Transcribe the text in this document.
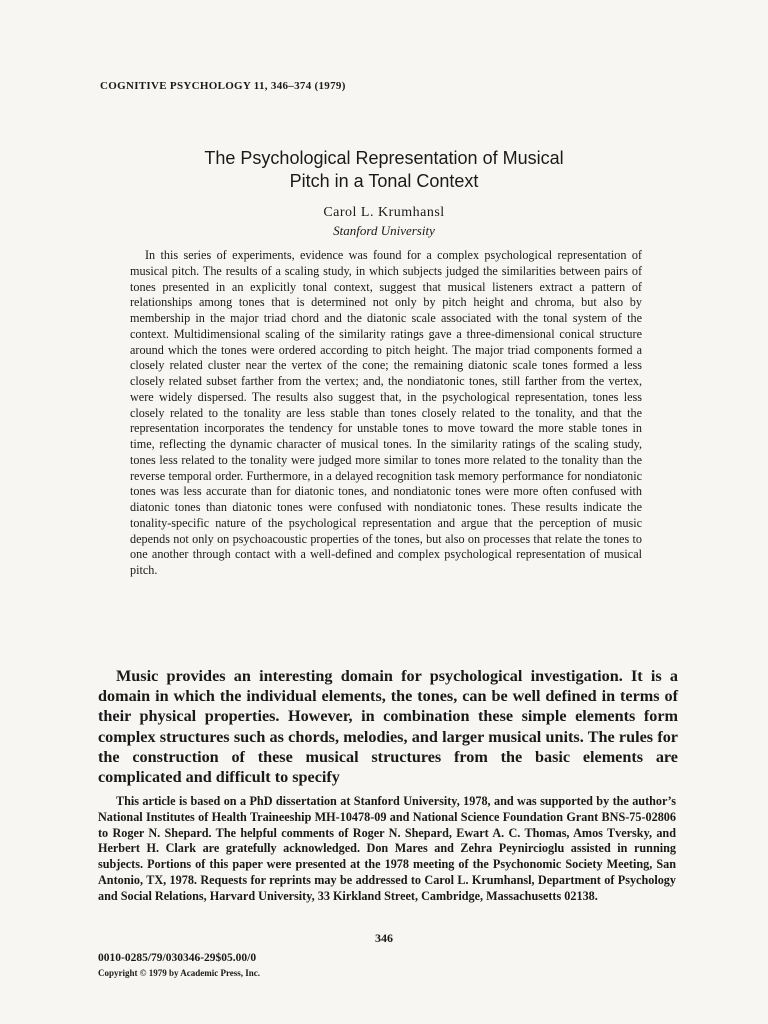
COGNITIVE PSYCHOLOGY 11, 346–374 (1979)
The Psychological Representation of Musical
Pitch in a Tonal Context
Carol L. Krumhansl
Stanford University

In this series of experiments, evidence was found for a complex psychological representation of musical pitch. The results of a scaling study, in which subjects judged the similarities between pairs of tones presented in an explicitly tonal context, suggest that musical listeners extract a pattern of relationships among tones that is determined not only by pitch height and chroma, but also by membership in the major triad chord and the diatonic scale associated with the tonal system of the context. Multidimensional scaling of the similarity ratings gave a three-dimensional conical structure around which the tones were ordered according to pitch height. The major triad components formed a closely related cluster near the vertex of the cone; the remaining diatonic scale tones formed a less closely related subset farther from the vertex; and, the nondiatonic tones, still farther from the vertex, were widely dispersed. The results also suggest that, in the psychological representation, tones less closely related to the tonality are less stable than tones closely related to the tonality, and that the representation incorporates the tendency for unstable tones to move toward the more stable tones in time, reflecting the dynamic character of musical tones. In the similarity ratings of the scaling study, tones less related to the tonality were judged more similar to tones more related to the tonality than the reverse temporal order. Furthermore, in a delayed recognition task memory performance for nondiatonic tones was less accurate than for diatonic tones, and nondiatonic tones were more often confused with diatonic tones than diatonic tones were confused with nondiatonic tones. These results indicate the tonality-specific nature of the psychological representation and argue that the perception of music depends not only on psychoacoustic properties of the tones, but also on processes that relate the tones to one another through contact with a well-defined and complex psychological representation of musical pitch.

Music provides an interesting domain for psychological investigation. It is a domain in which the individual elements, the tones, can be well defined in terms of their physical properties. However, in combination these simple elements form complex structures such as chords, melodies, and larger musical units. The rules for the construction of these musical structures from the basic elements are complicated and difficult to specify

This article is based on a PhD dissertation at Stanford University, 1978, and was supported by the author’s National Institutes of Health Traineeship MH-10478-09 and National Science Foundation Grant BNS-75-02806 to Roger N. Shepard. The helpful comments of Roger N. Shepard, Ewart A. C. Thomas, Amos Tversky, and Herbert H. Clark are gratefully acknowledged. Don Mares and Zehra Peynircioglu assisted in running subjects. Portions of this paper were presented at the 1978 meeting of the Psychonomic Society Meeting, San Antonio, TX, 1978. Requests for reprints may be addressed to Carol L. Krumhansl, Department of Psychology and Social Relations, Harvard University, 33 Kirkland Street, Cambridge, Massachusetts 02138.

346
0010-0285/79/030346-29$05.00/0
Copyright © 1979 by Academic Press, Inc.
